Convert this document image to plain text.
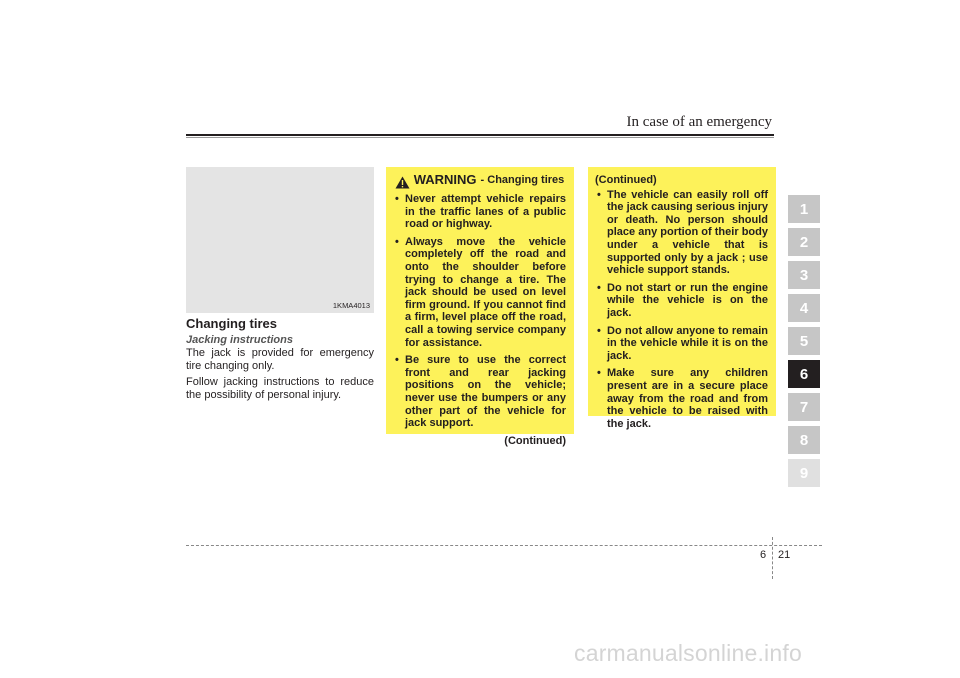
In case of an emergency
1KMA4013
Changing tires
Jacking instructions

The jack is provided for emergency tire changing only.

Follow jacking instructions to reduce the possibility of personal injury.

WARNING - Changing tires
• Never attempt vehicle repairs in the traffic lanes of a public road or highway.
• Always move the vehicle completely off the road and onto the shoulder before trying to change a tire. The jack should be used on level firm ground. If you cannot find a firm, level place off the road, call a towing service company for assistance.
• Be sure to use the correct front and rear jacking positions on the vehicle; never use the bumpers or any other part of the vehicle for jack support.
(Continued)
(Continued)
• The vehicle can easily roll off the jack causing serious injury or death. No person should place any portion of their body under a vehicle that is supported only by a jack ; use vehicle support stands.
• Do not start or run the engine while the vehicle is on the jack.
• Do not allow anyone to remain in the vehicle while it is on the jack.
• Make sure any children present are in a secure place away from the road and from the vehicle to be raised with the jack.
1
2
3
4
5
6
7
8
9
6 21
carmanualsonline.info
